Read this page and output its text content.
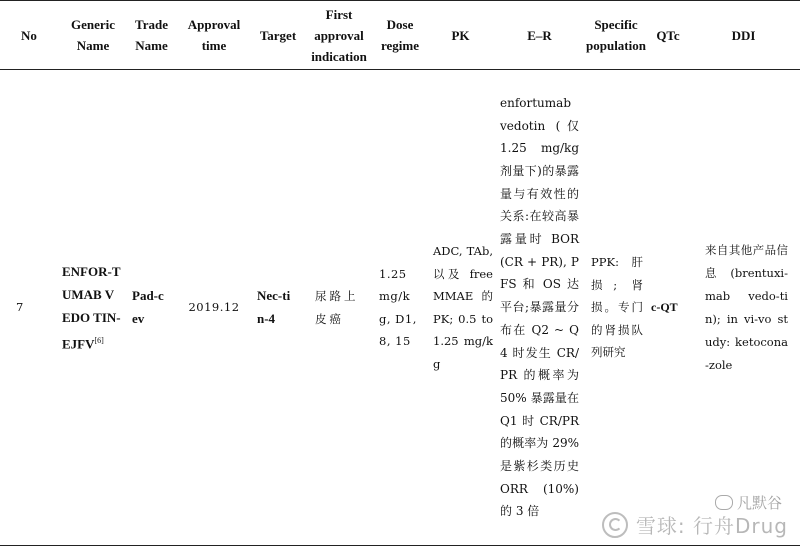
No	Generic Name	Trade Name	Approval time	Target	First approval indication	Dose regime	PK	E–R	Specific population	QTc	DDI
7	ENFOR-TUMAB VEDO TIN-EJFV[6]	Pad-cev	2019.12	Nec-tin-4	尿路上皮癌	1.25 mg/kg, D1,8, 15	ADC, TAb, 以及 free MMAE 的 PK; 0.5 to 1.25 mg/kg	enfortumab vedotin (仅 1.25 mg/kg 剂量下)的暴露量与有效性的关系:在较高暴露量时 BOR (CR + PR), PFS 和 OS 达平台;暴露量分布在 Q2 ~ Q4 时发生 CR/PR 的概率为 50% 暴露量在 Q1 时 CR/PR 的概率为 29% 是紫杉类历史 ORR (10%) 的 3 倍	PPK:肝损; 肾损。专门的肾损队列研究	c-QT	来自其他产品信息 (brentuxi-mab vedo-tin); in vi-vo study: ketocona-zole
凡默谷
雪球: 行舟Drug
